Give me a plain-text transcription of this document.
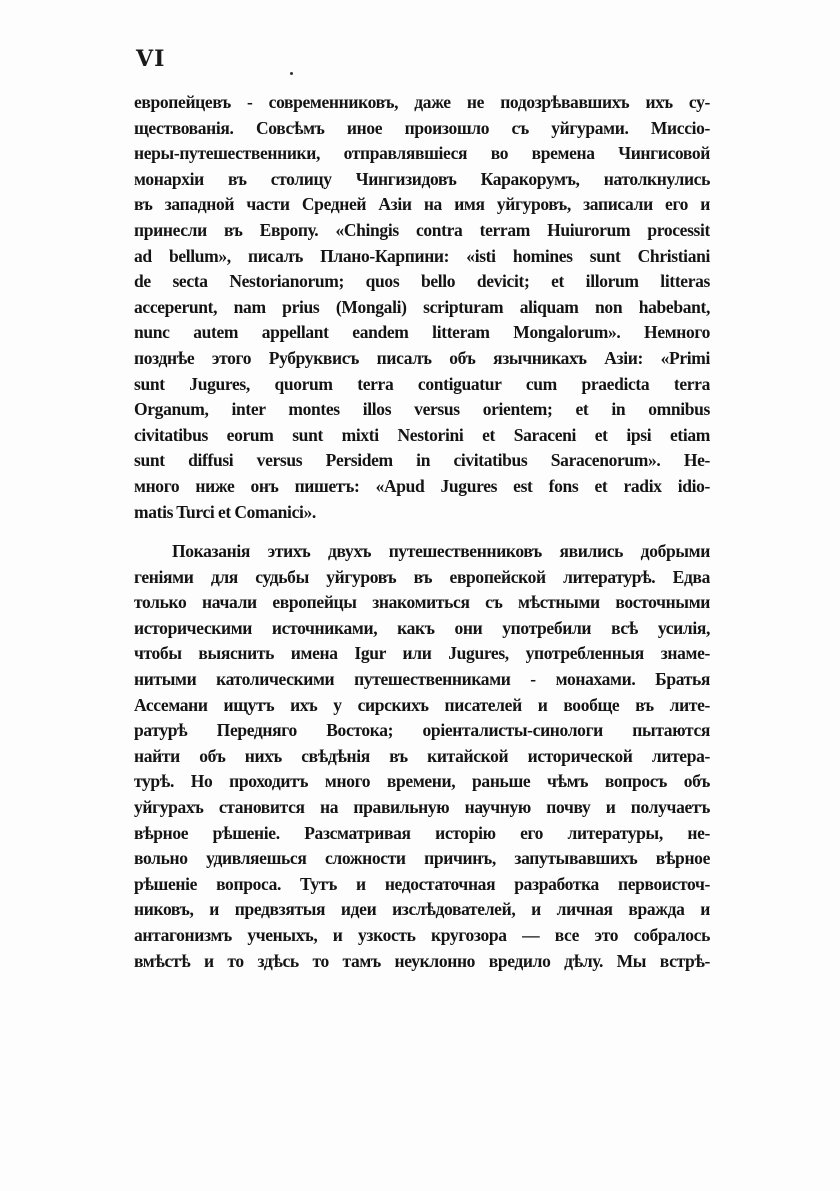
VI
европейцевъ - современниковъ, даже не подозрѣвавшихъ ихъ су-
ществованія. Совсѣмъ иное произошло съ уйгурами. Миссіо-
неры-путешественники, отправлявшіеся во времена Чингисовой
монархіи въ столицу Чингизидовъ Каракорумъ, натолкнулись
въ западной части Средней Азіи на имя уйгуровъ, записали его и
принесли въ Европу. «Chingis contra terram Huiurorum processit
ad bellum», писалъ Плано-Карпини: «isti homines sunt Christiani
de secta Nestorianorum; quos bello devicit; et illorum litteras
acceperunt, nam prius (Mongali) scripturam aliquam non habebant,
nunc autem appellant eandem litteram Mongalorum». Немного
позднѣе этого Рубруквисъ писалъ объ язычникахъ Азіи: «Primi
sunt Jugures, quorum terra contiguatur cum praedicta terra
Organum, inter montes illos versus orientem; et in omnibus
civitatibus eorum sunt mixti Nestorini et Saraceni et ipsi etiam
sunt diffusi versus Persidem in civitatibus Saracenorum». Не-
много ниже онъ пишетъ: «Apud Jugures est fons et radix idio-
matis Turci et Comanici».
Показанія этихъ двухъ путешественниковъ явились добрыми
геніями для судьбы уйгуровъ въ европейской литературѣ. Едва
только начали европейцы знакомиться съ мѣстными восточными
историческими источниками, какъ они употребили всѣ усилія,
чтобы выяснить имена Igur или Jugures, употребленныя знаме-
нитыми католическими путешественниками - монахами. Братья
Ассемани ищутъ ихъ у сирскихъ писателей и вообще въ лите-
ратурѣ Передняго Востока; оріенталисты-синологи пытаются
найти объ нихъ свѣдѣнія въ китайской исторической литера-
турѣ. Но проходитъ много времени, раньше чѣмъ вопросъ объ
уйгурахъ становится на правильную научную почву и получаетъ
вѣрное рѣшеніе. Разсматривая исторію его литературы, не-
вольно удивляешься сложности причинъ, запутывавшихъ вѣрное
рѣшеніе вопроса. Тутъ и недостаточная разработка первоисточ-
никовъ, и предвзятыя идеи изслѣдователей, и личная вражда и
антагонизмъ ученыхъ, и узкость кругозора — все это собралось
вмѣстѣ и то здѣсь то тамъ неуклонно вредило дѣлу. Мы встрѣ-
